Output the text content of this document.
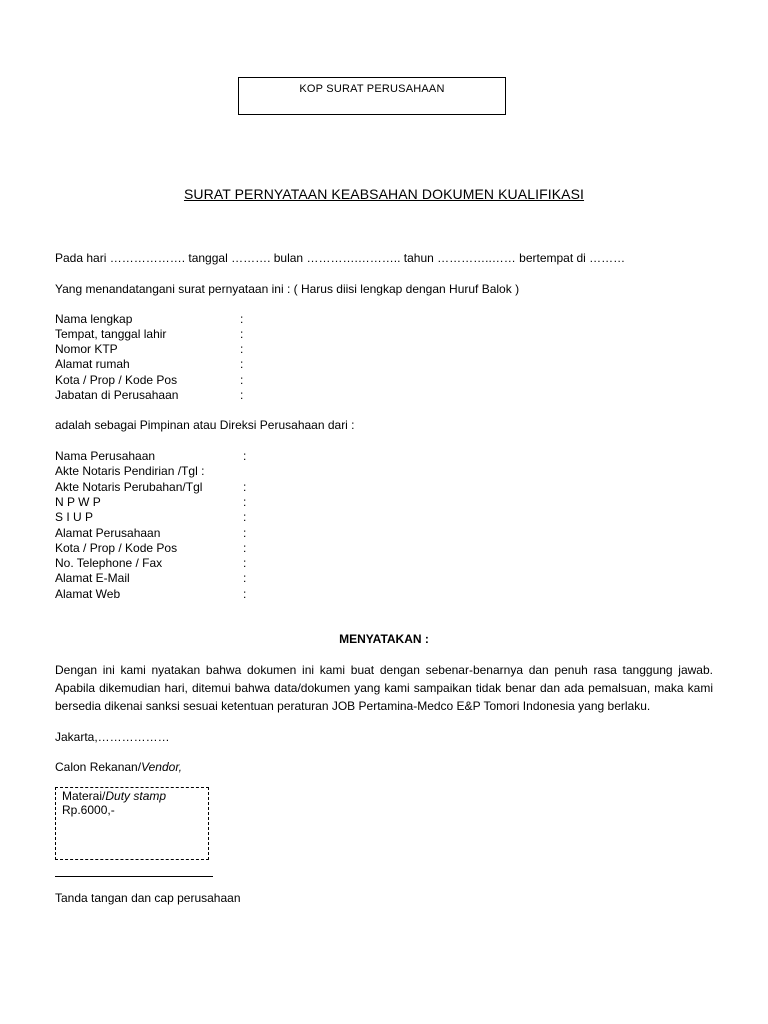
KOP SURAT PERUSAHAAN
SURAT PERNYATAAN KEABSAHAN DOKUMEN KUALIFIKASI
Pada hari ………………. tanggal ………. bulan ………….……….. tahun …………..…… bertempat di ………
Yang menandatangani surat pernyataan ini : ( Harus diisi lengkap dengan Huruf Balok )
Nama lengkap	:
Tempat, tanggal lahir	:
Nomor KTP	:
Alamat rumah	:
Kota / Prop / Kode Pos	:
Jabatan di Perusahaan	:
adalah sebagai Pimpinan atau Direksi Perusahaan dari :
Nama Perusahaan	:
Akte Notaris Pendirian /Tgl :
Akte Notaris Perubahan/Tgl	:
N P W P	:
S I U P	:
Alamat Perusahaan	:
Kota / Prop / Kode Pos	:
No. Telephone / Fax	:
Alamat E-Mail	:
Alamat Web	:
MENYATAKAN :
Dengan ini kami nyatakan bahwa dokumen ini kami buat dengan sebenar-benarnya dan penuh rasa tanggung jawab. Apabila dikemudian hari, ditemui bahwa data/dokumen yang kami sampaikan tidak benar dan ada pemalsuan, maka kami bersedia dikenai sanksi sesuai ketentuan peraturan JOB Pertamina-Medco E&P Tomori Indonesia yang berlaku.
Jakarta,………………
Calon Rekanan/Vendor,
Materai/Duty stamp
Rp.6000,-
Tanda tangan dan cap perusahaan
